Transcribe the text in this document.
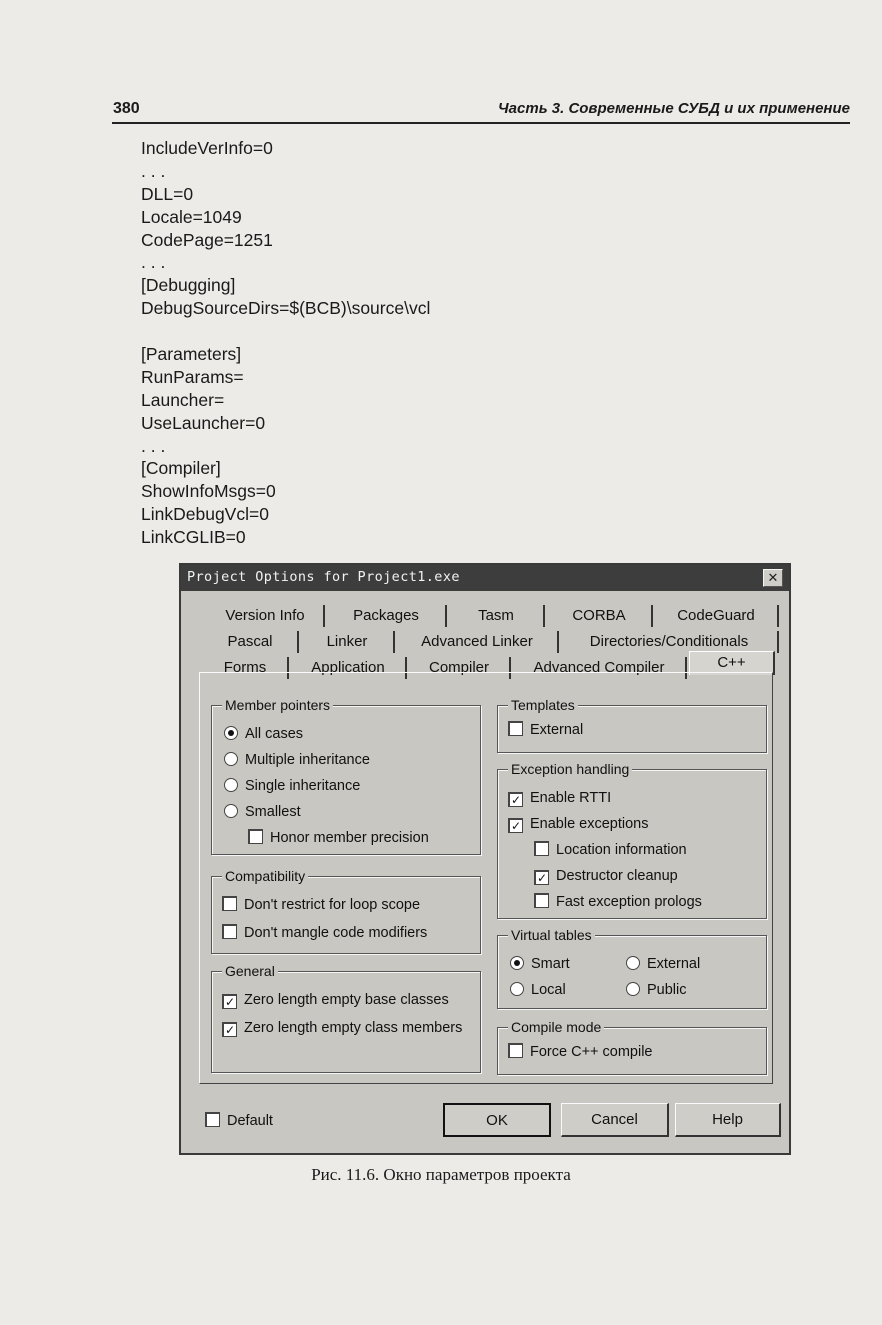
380	Часть 3. Современные СУБД и их применение
IncludeVerInfo=0
. . .
DLL=0
Locale=1049
CodePage=1251
. . .
[Debugging]
DebugSourceDirs=$(BCB)\source\vcl
[Parameters]
RunParams=
Launcher=
UseLauncher=0
. . .
[Compiler]
ShowInfoMsgs=0
LinkDebugVcl=0
LinkCGLIB=0
Project Options for Project1.exe	✕
Version Info	Packages	Tasm	CORBA	CodeGuard
Pascal	Linker	Advanced Linker	Directories/Conditionals
Forms	Application	Compiler	Advanced Compiler	C++
Member pointers
All cases
Multiple inheritance
Single inheritance
Smallest
Honor member precision
Compatibility
Don't restrict for loop scope
Don't mangle code modifiers
General
✓ Zero length empty base classes
✓ Zero length empty class members
Templates
External
Exception handling
✓ Enable RTTI
✓ Enable exceptions
Location information
✓ Destructor cleanup
Fast exception prologs
Virtual tables
Smart	External
Local	Public
Compile mode
Force C++ compile
Default	OK	Cancel	Help
Рис. 11.6. Окно параметров проекта
